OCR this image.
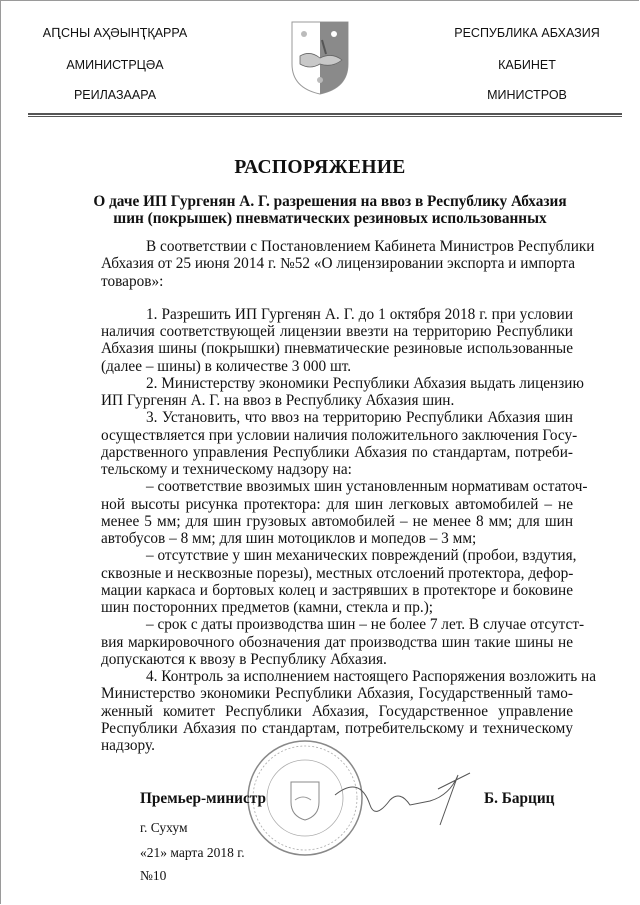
АԤСНЫ АҲӘЫНҬҚАРРА
АМИНИСТРЦӘА
РЕИЛАЗААРА
РЕСПУБЛИКА АБХАЗИЯ
КАБИНЕТ
МИНИСТРОВ
РАСПОРЯЖЕНИЕ
О даче ИП Гургенян А. Г. разрешения на ввоз в Республику Абхазия
шин (покрышек) пневматических резиновых использованных
В соответствии с Постановлением Кабинета Министров Республики
Абхазия от 25 июня 2014 г. №52 «О лицензировании экспорта и импорта
товаров»:
1. Разрешить ИП Гургенян А. Г. до 1 октября 2018 г. при условии
наличия соответствующей лицензии ввезти на территорию Республики
Абхазия шины (покрышки) пневматические резиновые использованные
(далее – шины) в количестве 3 000 шт.
2. Министерству экономики Республики Абхазия выдать лицензию
ИП Гургенян А. Г. на ввоз в Республику Абхазия шин.
3. Установить, что ввоз на территорию Республики Абхазия шин
осуществляется при условии наличия положительного заключения Госу-
дарственного управления Республики Абхазия по стандартам, потреби-
тельскому и техническому надзору на:
– соответствие ввозимых шин установленным нормативам остаточ-
ной высоты рисунка протектора: для шин легковых автомобилей – не
менее 5 мм; для шин грузовых автомобилей – не менее 8 мм; для шин
автобусов – 8 мм; для шин мотоциклов и мопедов – 3 мм;
– отсутствие у шин механических повреждений (пробои, вздутия,
сквозные и несквозные порезы), местных отслоений протектора, дефор-
мации каркаса и бортовых колец и застрявших в протекторе и боковине
шин посторонних предметов (камни, стекла и пр.);
– срок с даты производства шин – не более 7 лет. В случае отсутст-
вия маркировочного обозначения дат производства шин такие шины не
допускаются к ввозу в Республику Абхазия.
4. Контроль за исполнением настоящего Распоряжения возложить на
Министерство экономики Республики Абхазия, Государственный тамо-
женный комитет Республики Абхазия, Государственное управление
Республики Абхазия по стандартам, потребительскому и техническому
надзору.
Премьер-министр	Б. Барциц
г. Сухум
«21» марта 2018 г.
№10
